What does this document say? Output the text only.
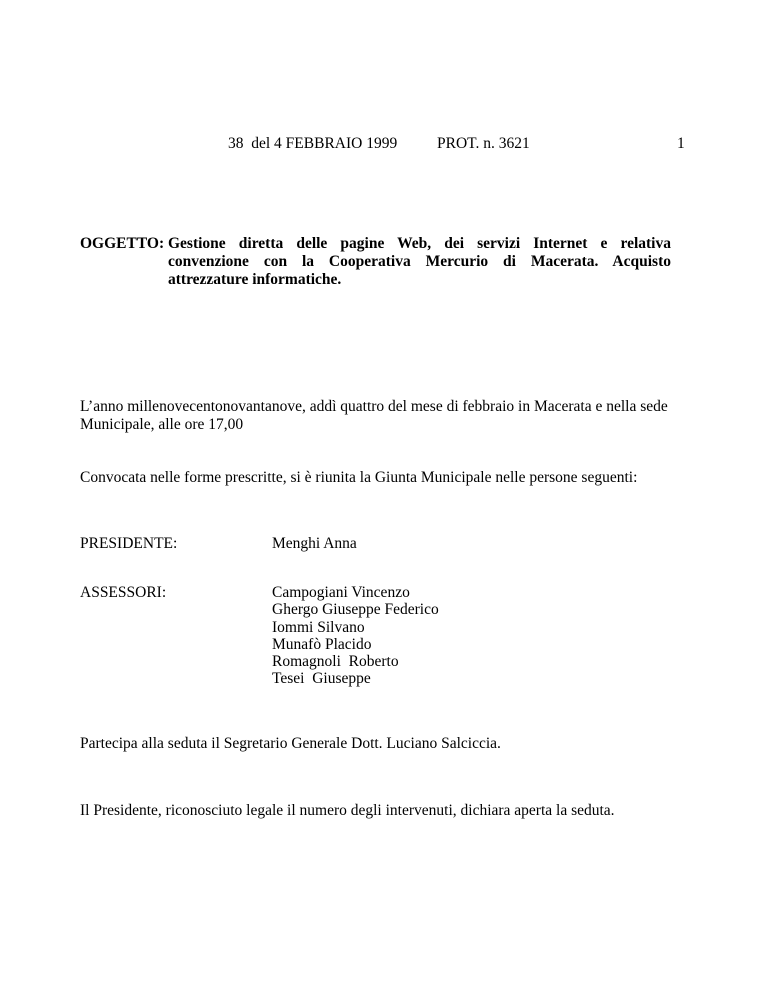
38  del 4 FEBBRAIO 1999	PROT. n. 3621	1
OGGETTO: Gestione diretta delle pagine Web, dei servizi Internet e relativa
convenzione con la Cooperativa Mercurio di Macerata. Acquisto
attrezzature informatiche.

L’anno millenovecentonovantanove, addì quattro del mese di febbraio in Macerata e nella sede Municipale, alle ore 17,00

Convocata nelle forme prescritte, si è riunita la Giunta Municipale nelle persone seguenti:

PRESIDENTE:	Menghi Anna
ASSESSORI:	Campogiani Vincenzo
Ghergo Giuseppe Federico
Iommi Silvano
Munafò Placido
Romagnoli  Roberto
Tesei  Giuseppe

Partecipa alla seduta il Segretario Generale Dott. Luciano Salciccia.

Il Presidente, riconosciuto legale il numero degli intervenuti, dichiara aperta la seduta.
